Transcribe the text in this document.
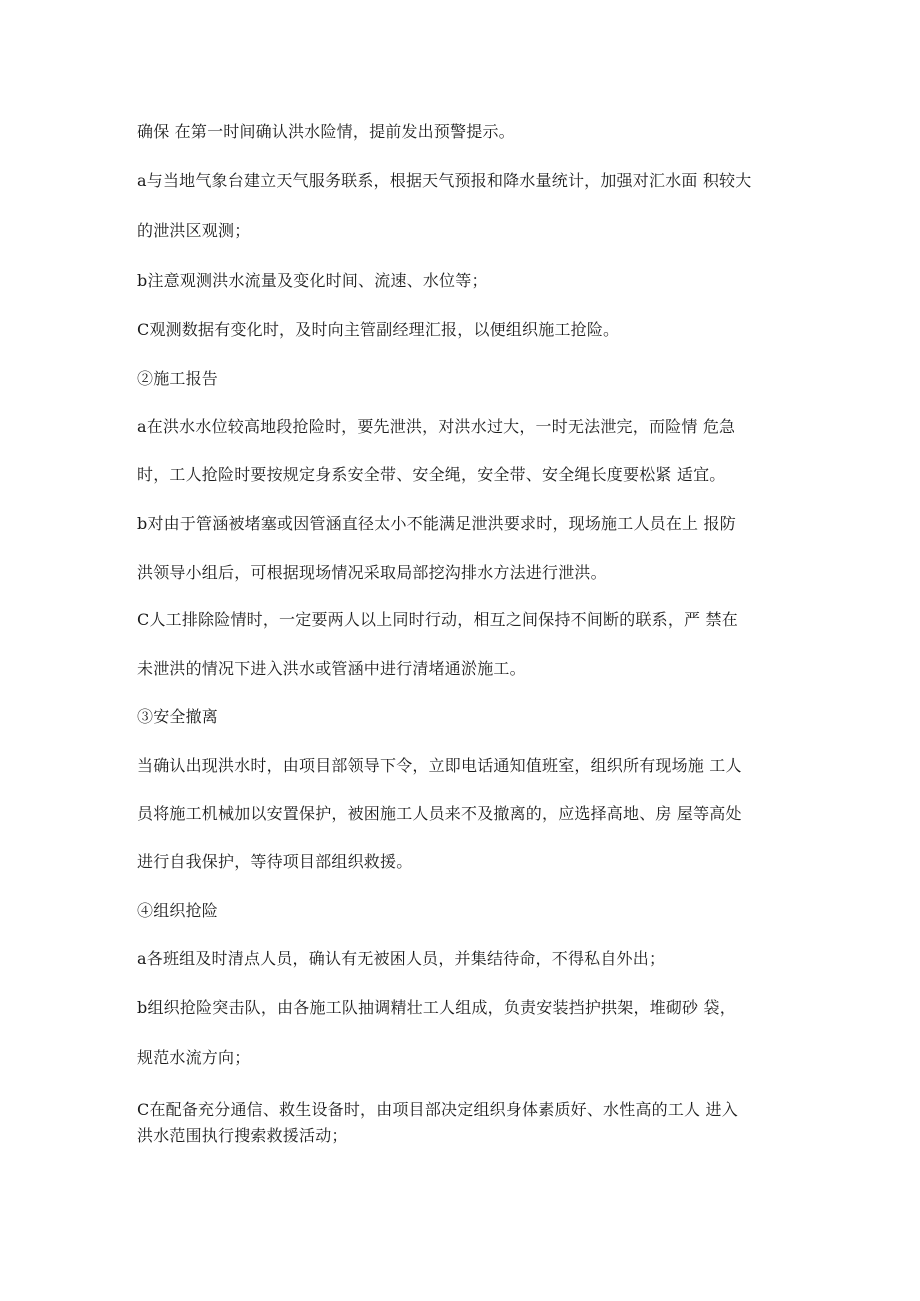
确保 在第一时间确认洪水险情，提前发出预警提示。

a与当地气象台建立天气服务联系，根据天气预报和降水量统计，加强对汇水面 积较大

的泄洪区观测；

b注意观测洪水流量及变化时间、流速、水位等；

C观测数据有变化时，及时向主管副经理汇报，以便组织施工抢险。

②施工报告

a在洪水水位较高地段抢险时，要先泄洪，对洪水过大，一时无法泄完，而险情 危急

时，工人抢险时要按规定身系安全带、安全绳，安全带、安全绳长度要松紧 适宜。

b对由于管涵被堵塞或因管涵直径太小不能满足泄洪要求时，现场施工人员在上 报防

洪领导小组后，可根据现场情况采取局部挖沟排水方法进行泄洪。

C人工排除险情时，一定要两人以上同时行动，相互之间保持不间断的联系，严 禁在

未泄洪的情况下进入洪水或管涵中进行清堵通淤施工。

③安全撤离

当确认出现洪水时，由项目部领导下令，立即电话通知值班室，组织所有现场施 工人

员将施工机械加以安置保护，被困施工人员来不及撤离的，应选择高地、房 屋等高处

进行自我保护，等待项目部组织救援。

④组织抢险

a各班组及时清点人员，确认有无被困人员，并集结待命，不得私自外出；

b组织抢险突击队，由各施工队抽调精壮工人组成，负责安装挡护拱架，堆砌砂 袋，

规范水流方向；

C在配备充分通信、救生设备时，由项目部决定组织身体素质好、水性高的工人 进入

洪水范围执行搜索救援活动；
